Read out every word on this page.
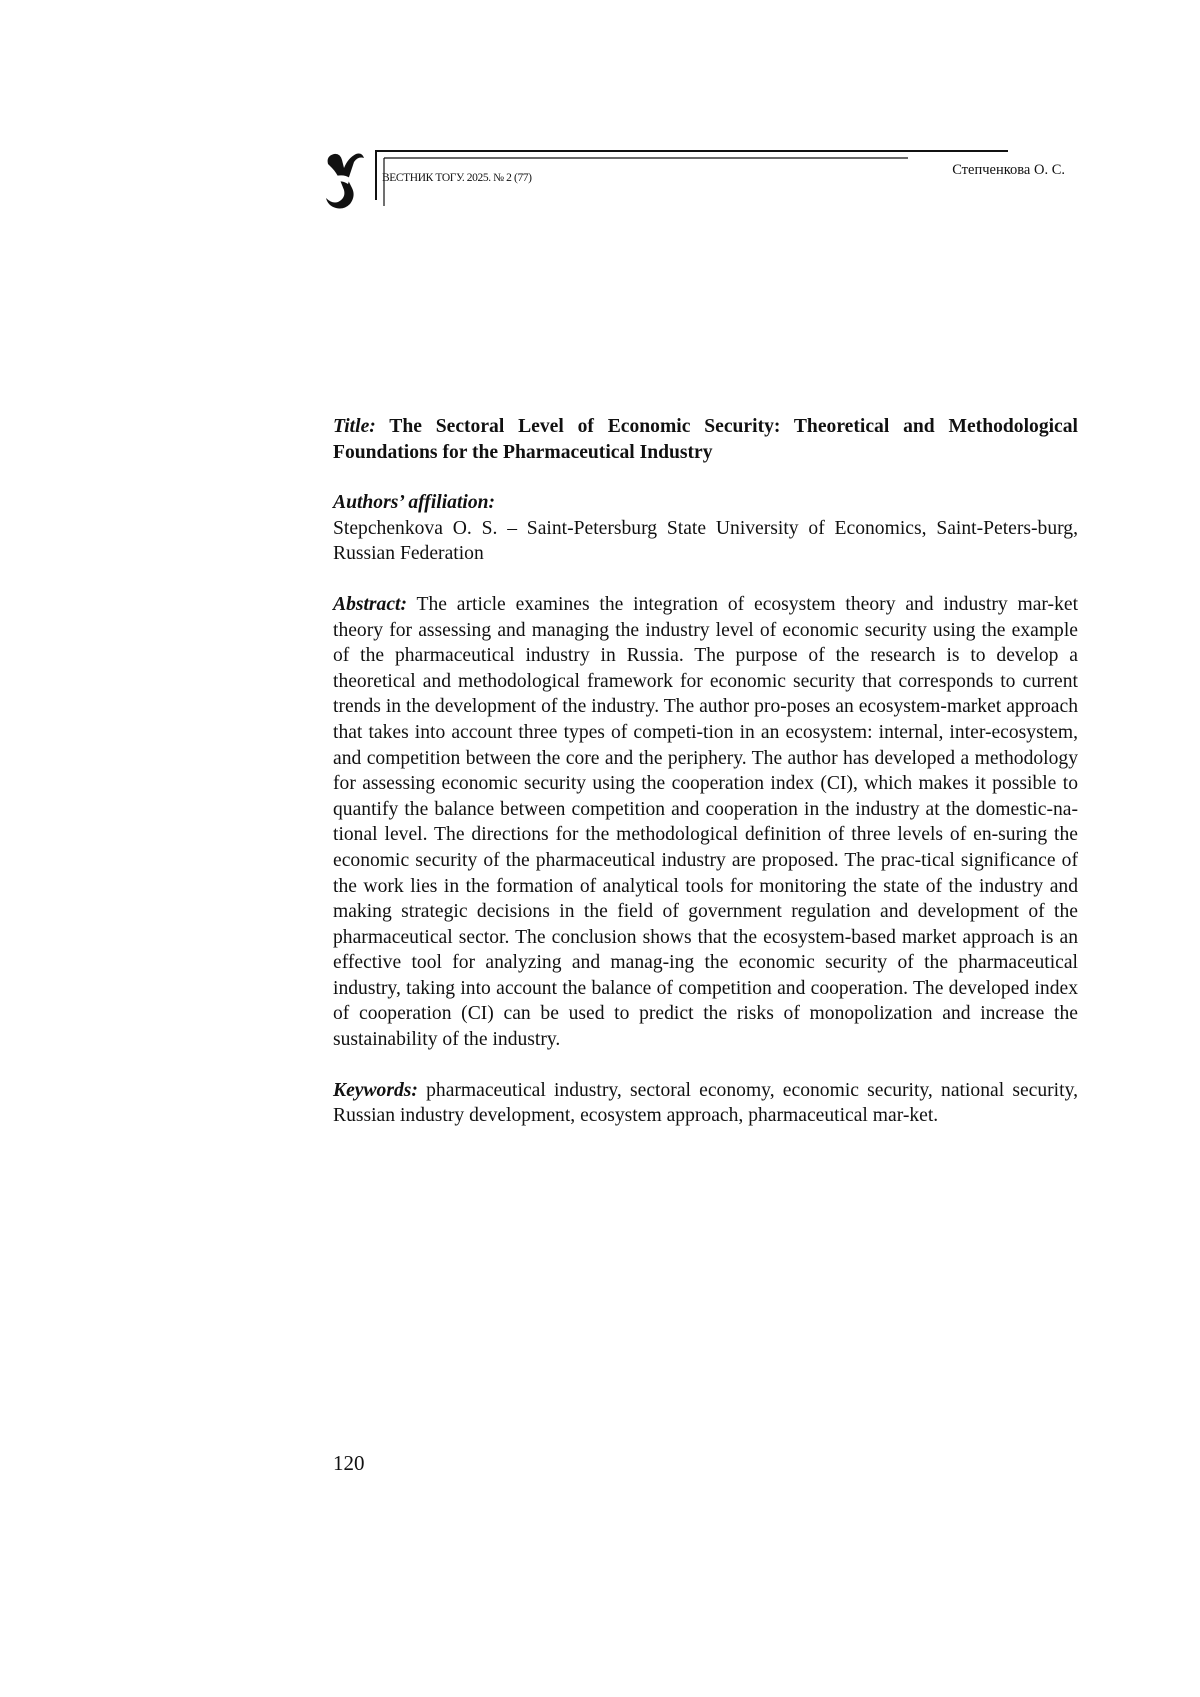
ВЕСТНИК ТОГУ. 2025. № 2 (77)	Степченкова О. С.

Title: The Sectoral Level of Economic Security: Theoretical and Methodological Foundations for the Pharmaceutical Industry

Authors’ affiliation:

Stepchenkova O. S. – Saint-Petersburg State University of Economics, Saint-Peters-burg, Russian Federation

Abstract: The article examines the integration of ecosystem theory and industry mar-ket theory for assessing and managing the industry level of economic security using the example of the pharmaceutical industry in Russia. The purpose of the research is to develop a theoretical and methodological framework for economic security that corresponds to current trends in the development of the industry. The author pro-poses an ecosystem-market approach that takes into account three types of competi-tion in an ecosystem: internal, inter-ecosystem, and competition between the core and the periphery. The author has developed a methodology for assessing economic security using the cooperation index (CI), which makes it possible to quantify the balance between competition and cooperation in the industry at the domestic-na-tional level. The directions for the methodological definition of three levels of en-suring the economic security of the pharmaceutical industry are proposed. The prac-tical significance of the work lies in the formation of analytical tools for monitoring the state of the industry and making strategic decisions in the field of government regulation and development of the pharmaceutical sector. The conclusion shows that the ecosystem-based market approach is an effective tool for analyzing and manag-ing the economic security of the pharmaceutical industry, taking into account the balance of competition and cooperation. The developed index of cooperation (CI) can be used to predict the risks of monopolization and increase the sustainability of the industry.

Keywords: pharmaceutical industry, sectoral economy, economic security, national security, Russian industry development, ecosystem approach, pharmaceutical mar-ket.

120
